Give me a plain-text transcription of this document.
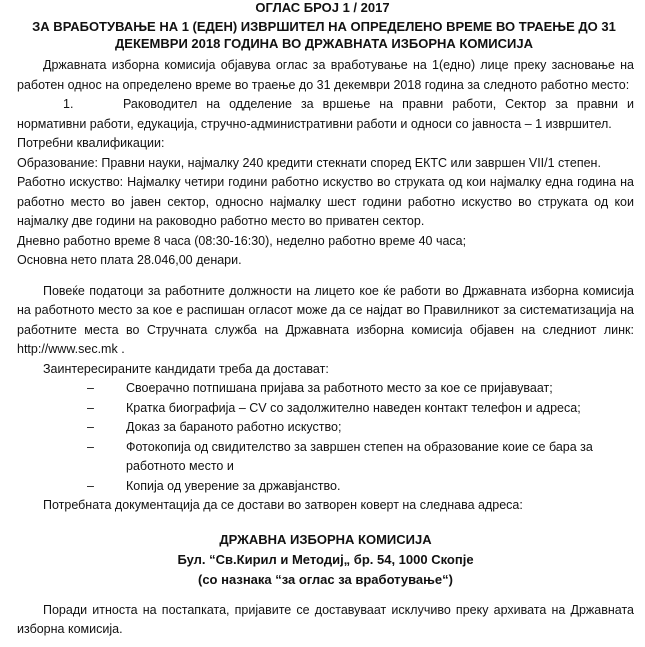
ОГЛАС БРОЈ 1 / 2017

ЗА ВРАБОТУВАЊЕ НА 1 (ЕДЕН) ИЗВРШИТЕЛ НА ОПРЕДЕЛЕНО ВРЕМЕ ВО ТРАЕЊЕ ДО 31 ДЕКЕМВРИ 2018 ГОДИНА ВО ДРЖАВНАТА ИЗБОРНА КОМИСИЈА

Државната изборна комисија објавува оглас за вработување на 1(едно) лице преку засновање на работен однос на определено време во траење до 31 декември 2018 година за следното работно место:

1.	Раководител на одделение за вршење на правни работи, Сектор за правни и нормативни работи, едукација, стручно-административни работи и односи со јавноста – 1 извршител.

Потребни квалификации:

Образование: Правни науки, најмалку 240 кредити стекнати според ЕКТС или завршен VII/1 степен.

Работно искуство: Најмалку четири години работно искуство во струката од кои најмалку една година на работно место во јавен сектор, односно најмалку шест години работно искуство во струката од кои најмалку две години на раководно работно место во приватен сектор.

Дневно работно време 8 часа (08:30-16:30), неделно работно време 40 часа;

Основна нето плата 28.046,00 денари.

Повеќе податоци за работните должности на лицето кое ќе работи во Државната изборна комисија на работното место за кое е распишан огласот може да се најдат во Правилникот за систематизација на работните места во Стручната служба на Државната изборна комисија објавен на следниот линк: http://www.sec.mk .

Заинтересираните кандидати треба да достават:

–	Своерачно потпишана пријава за работното место за кое се пријавуваат;
–	Кратка биографија – CV со задолжително наведен контакт телефон и адреса;
–	Доказ за бараното работно искуство;
–	Фотокопија од свидителство за завршен степен на образование коие се бара за работното место и
–	Копија од уверение за државјанство.

Потребната документација да се достави во затворен коверт на следнава адреса:

ДРЖАВНА ИЗБОРНА КОМИСИЈА

Бул. “Св.Кирил и Методиј„ бр. 54, 1000 Скопје

(со назнака “за оглас за вработување“)

Поради итноста на постапката, пријавите се доставуваат исклучиво преку архивата на Државната изборна комисија.
